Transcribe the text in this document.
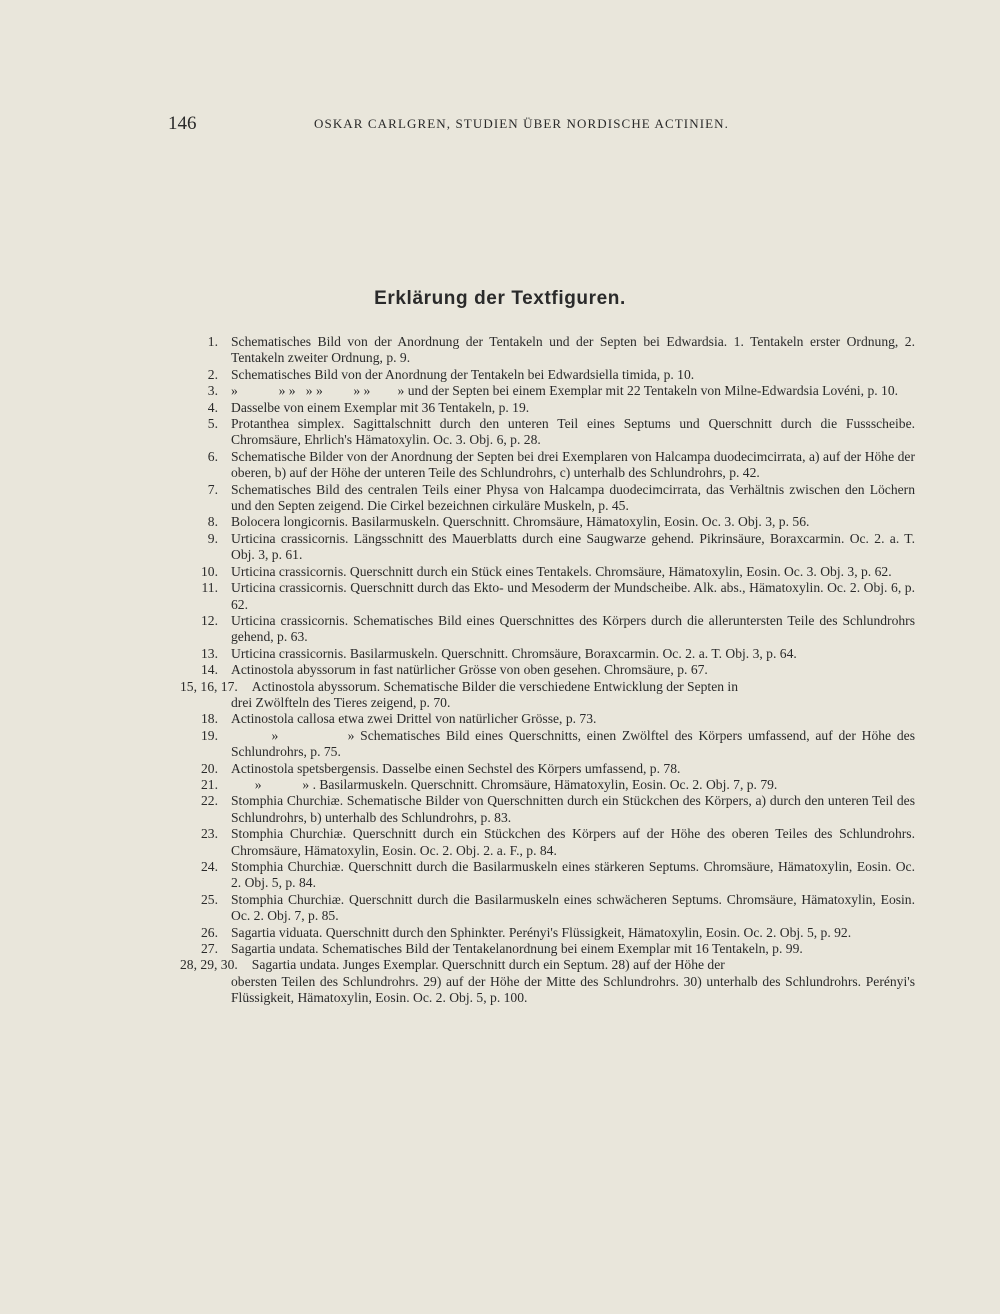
146	OSKAR CARLGREN, STUDIEN ÜBER NORDISCHE ACTINIEN.
Erklärung der Textfiguren.
1. Schematisches Bild von der Anordnung der Tentakeln und der Septen bei Edwardsia. 1. Tentakeln erster Ordnung, 2. Tentakeln zweiter Ordnung, p. 9.
2. Schematisches Bild von der Anordnung der Tentakeln bei Edwardsiella timida, p. 10.
3. »            » »   » »         » »        » und der Septen bei einem Exemplar mit 22 Tentakeln von Milne-Edwardsia Lovéni, p. 10.
4. Dasselbe von einem Exemplar mit 36 Tentakeln, p. 19.
5. Protanthea simplex. Sagittalschnitt durch den unteren Teil eines Septums und Querschnitt durch die Fussscheibe. Chromsäure, Ehrlich's Hämatoxylin. Oc. 3. Obj. 6, p. 28.
6. Schematische Bilder von der Anordnung der Septen bei drei Exemplaren von Halcampa duodecimcirrata, a) auf der Höhe der oberen, b) auf der Höhe der unteren Teile des Schlundrohrs, c) unterhalb des Schlundrohrs, p. 42.
7. Schematisches Bild des centralen Teils einer Physa von Halcampa duodecimcirrata, das Verhältnis zwischen den Löchern und den Septen zeigend. Die Cirkel bezeichnen cirkuläre Muskeln, p. 45.
8. Bolocera longicornis. Basilarmuskeln. Querschnitt. Chromsäure, Hämatoxylin, Eosin. Oc. 3. Obj. 3, p. 56.
9. Urticina crassicornis. Längsschnitt des Mauerblatts durch eine Saugwarze gehend. Pikrinsäure, Boraxcarmin. Oc. 2. a. T. Obj. 3, p. 61.
10. Urticina crassicornis. Querschnitt durch ein Stück eines Tentakels. Chromsäure, Hämatoxylin, Eosin. Oc. 3. Obj. 3, p. 62.
11. Urticina crassicornis. Querschnitt durch das Ekto- und Mesoderm der Mundscheibe. Alk. abs., Hämatoxylin. Oc. 2. Obj. 6, p. 62.
12. Urticina crassicornis. Schematisches Bild eines Querschnittes des Körpers durch die alleruntersten Teile des Schlundrohrs gehend, p. 63.
13. Urticina crassicornis. Basilarmuskeln. Querschnitt. Chromsäure, Boraxcarmin. Oc. 2. a. T. Obj. 3, p. 64.
14. Actinostola abyssorum in fast natürlicher Grösse von oben gesehen. Chromsäure, p. 67.
15, 16, 17. Actinostola abyssorum. Schematische Bilder die verschiedene Entwicklung der Septen in
drei Zwölfteln des Tieres zeigend, p. 70.
18. Actinostola callosa etwa zwei Drittel von natürlicher Grösse, p. 73.
19. »            » Schematisches Bild eines Querschnitts, einen Zwölftel des Körpers umfassend, auf der Höhe des Schlundrohrs, p. 75.
20. Actinostola spetsbergensis. Dasselbe einen Sechstel des Körpers umfassend, p. 78.
21. »            » . Basilarmuskeln. Querschnitt. Chromsäure, Hämatoxylin, Eosin. Oc. 2. Obj. 7, p. 79.
22. Stomphia Churchiæ. Schematische Bilder von Querschnitten durch ein Stückchen des Körpers, a) durch den unteren Teil des Schlundrohrs, b) unterhalb des Schlundrohrs, p. 83.
23. Stomphia Churchiæ. Querschnitt durch ein Stückchen des Körpers auf der Höhe des oberen Teiles des Schlundrohrs. Chromsäure, Hämatoxylin, Eosin. Oc. 2. Obj. 2. a. F., p. 84.
24. Stomphia Churchiæ. Querschnitt durch die Basilarmuskeln eines stärkeren Septums. Chromsäure, Hämatoxylin, Eosin. Oc. 2. Obj. 5, p. 84.
25. Stomphia Churchiæ. Querschnitt durch die Basilarmuskeln eines schwächeren Septums. Chromsäure, Hämatoxylin, Eosin. Oc. 2. Obj. 7, p. 85.
26. Sagartia viduata. Querschnitt durch den Sphinkter. Perényi's Flüssigkeit, Hämatoxylin, Eosin. Oc. 2. Obj. 5, p. 92.
27. Sagartia undata. Schematisches Bild der Tentakelanordnung bei einem Exemplar mit 16 Tentakeln, p. 99.
28, 29, 30. Sagartia undata. Junges Exemplar. Querschnitt durch ein Septum. 28) auf der Höhe der
obersten Teilen des Schlundrohrs. 29) auf der Höhe der Mitte des Schlundrohrs. 30) unterhalb des Schlundrohrs. Perényi's Flüssigkeit, Hämatoxylin, Eosin. Oc. 2. Obj. 5, p. 100.
